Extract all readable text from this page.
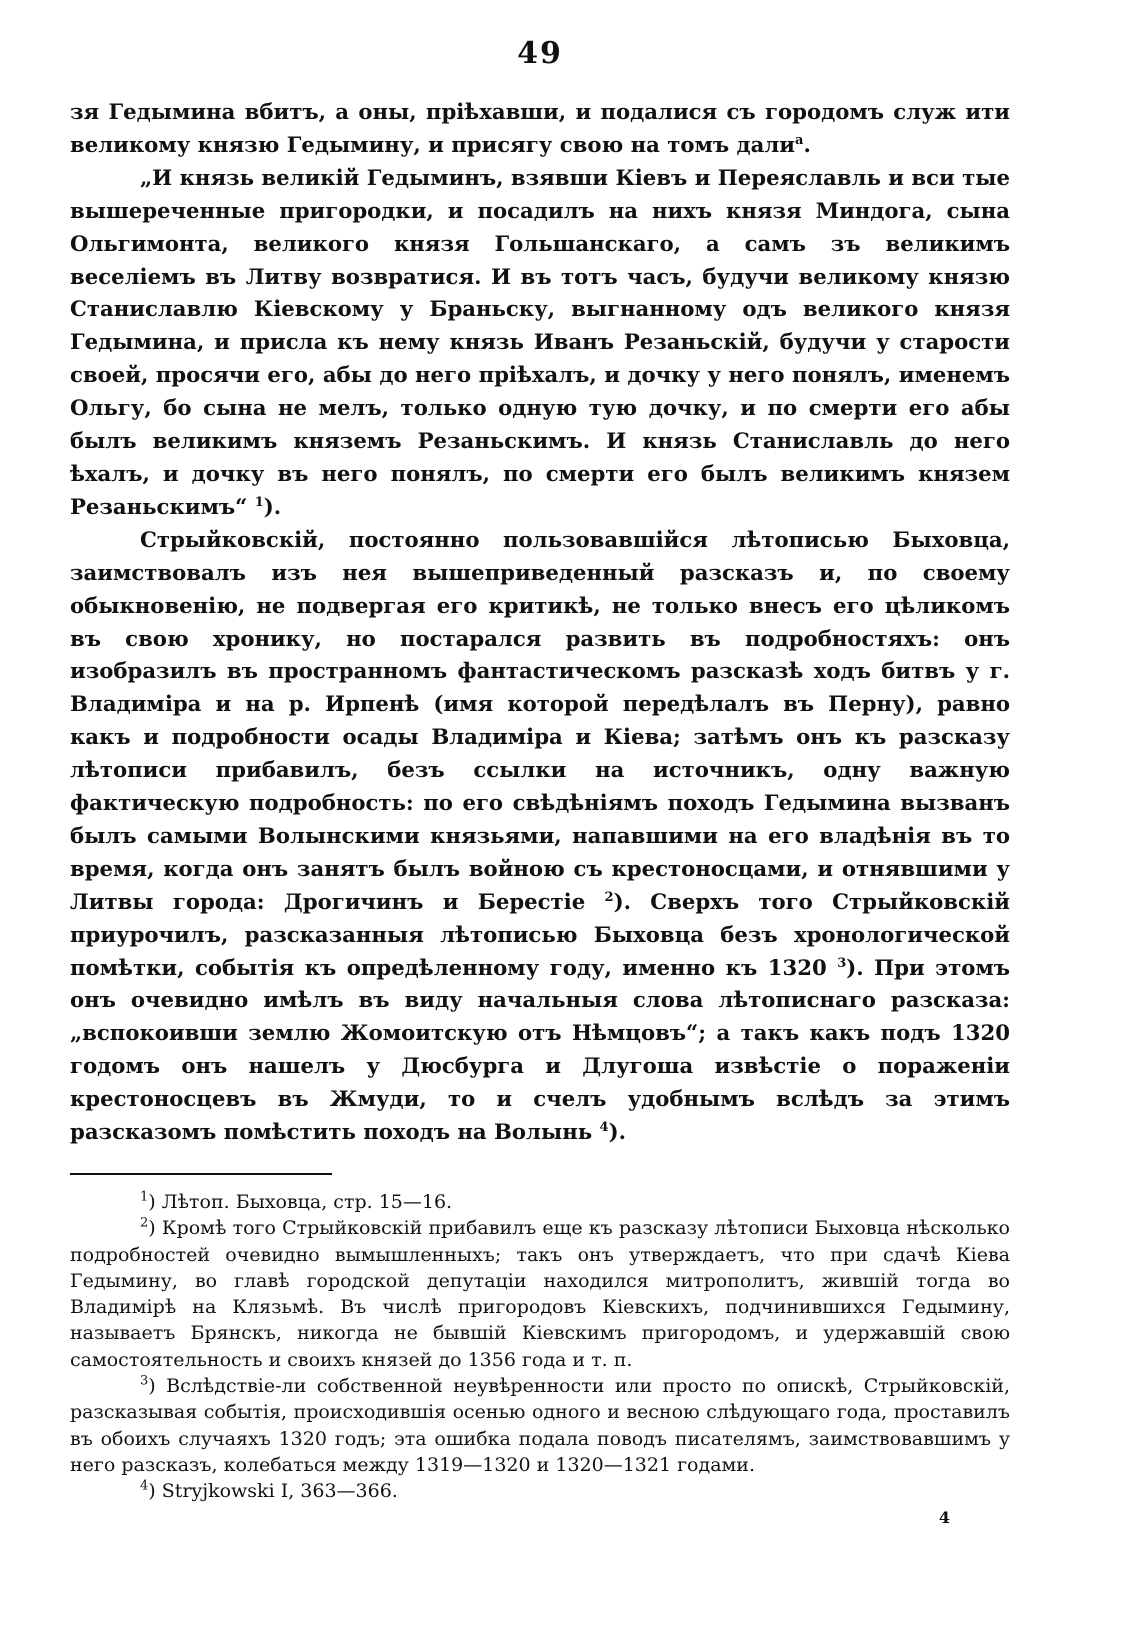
49

зя Гедымина вбитъ, а оны, пріѣхавши, и подалися съ городомъ служ ити великому князю Гедымину, и присягу свою на томъ дали$^а$.

„И князь великій Гедыминъ, взявши Кіевъ и Переяславль и вси тые вышереченные пригородки, и посадилъ на нихъ князя Миндога, сына Ольгимонта, великого князя Гольшанскаго, а самъ зъ великимъ веселіемъ въ Литву возвратися. И въ тотъ часъ, будучи великому князю Станиславлю Кіевскому у Браньску, выгнанному одъ великого князя Гедымина, и присла къ нему князь Иванъ Резаньскій, будучи у старости своей, просячи его, абы до него пріѣхалъ, и дочку у него понялъ, именемъ Ольгу, бо сына не мелъ, только одную тую дочку, и по смерти его абы былъ великимъ княземъ Резаньскимъ. И князь Станиславль до него ѣхалъ, и дочку въ него понялъ, по смерти его былъ великимъ князем Резаньскимъ“ $^1$).

Стрыйковскій, постоянно пользовавшійся лѣтописью Быховца, заимствовалъ изъ нея вышеприведенный разсказъ и, по своему обыкновенію, не подвергая его критикѣ, не только внесъ его цѣликомъ въ свою хронику, но постарался развить въ подробностяхъ: онъ изобразилъ въ пространномъ фантастическомъ разсказѣ ходъ битвъ у г. Владиміра и на р. Ирпенѣ (имя которой передѣлалъ въ Перну), равно какъ и подробности осады Владиміра и Кіева; затѣмъ онъ къ разсказу лѣтописи прибавилъ, безъ ссылки на источникъ, одну важную фактическую подробность: по его свѣдѣніямъ походъ Гедымина вызванъ былъ самыми Волынскими князьями, напавшими на его владѣнія въ то время, когда онъ занятъ былъ войною съ крестоносцами, и отнявшими у Литвы города: Дрогичинъ и Берестіе $^2$). Сверхъ того Стрыйковскій приурочилъ, разсказанныя лѣтописью Быховца безъ хронологической помѣтки, событія къ опредѣленному году, именно къ 1320 $^3$). При этомъ онъ очевидно имѣлъ въ виду начальныя слова лѣтописнаго разсказа: „вспокоивши землю Жомоитскую отъ Нѣмцовъ“; а такъ какъ подъ 1320 годомъ онъ нашелъ у Дюсбурга и Длугоша извѣстіе о пораженіи крестоносцевъ въ Жмуди, то и счелъ удобнымъ вслѣдъ за этимъ разсказомъ помѣстить походъ на Волынь $^4$).

$^1$) Лѣтоп. Быховца, стр. 15—16.

$^2$) Кромѣ того Стрыйковскій прибавилъ еще къ разсказу лѣтописи Быховца нѣсколько подробностей очевидно вымышленныхъ; такъ онъ утверждаетъ, что при сдачѣ Кіева Гедымину, во главѣ городской депутаціи находился митрополитъ, жившій тогда во Владимірѣ на Клязьмѣ. Въ числѣ пригородовъ Кіевскихъ, подчинившихся Гедымину, называетъ Брянскъ, никогда не бывшій Кіевскимъ пригородомъ, и удержавшій свою самостоятельность и своихъ князей до 1356 года и т. п.

$^3$) Вслѣдствіе-ли собственной неувѣренности или просто по опискѣ, Стрыйковскій, разсказывая событія, происходившія осенью одного и весною слѣдующаго года, проставилъ въ обоихъ случаяхъ 1320 годъ; эта ошибка подала поводъ писателямъ, заимствовавшимъ у него разсказъ, колебаться между 1319—1320 и 1320—1321 годами.

$^4$) Stryjkowski I, 363—366.

4
